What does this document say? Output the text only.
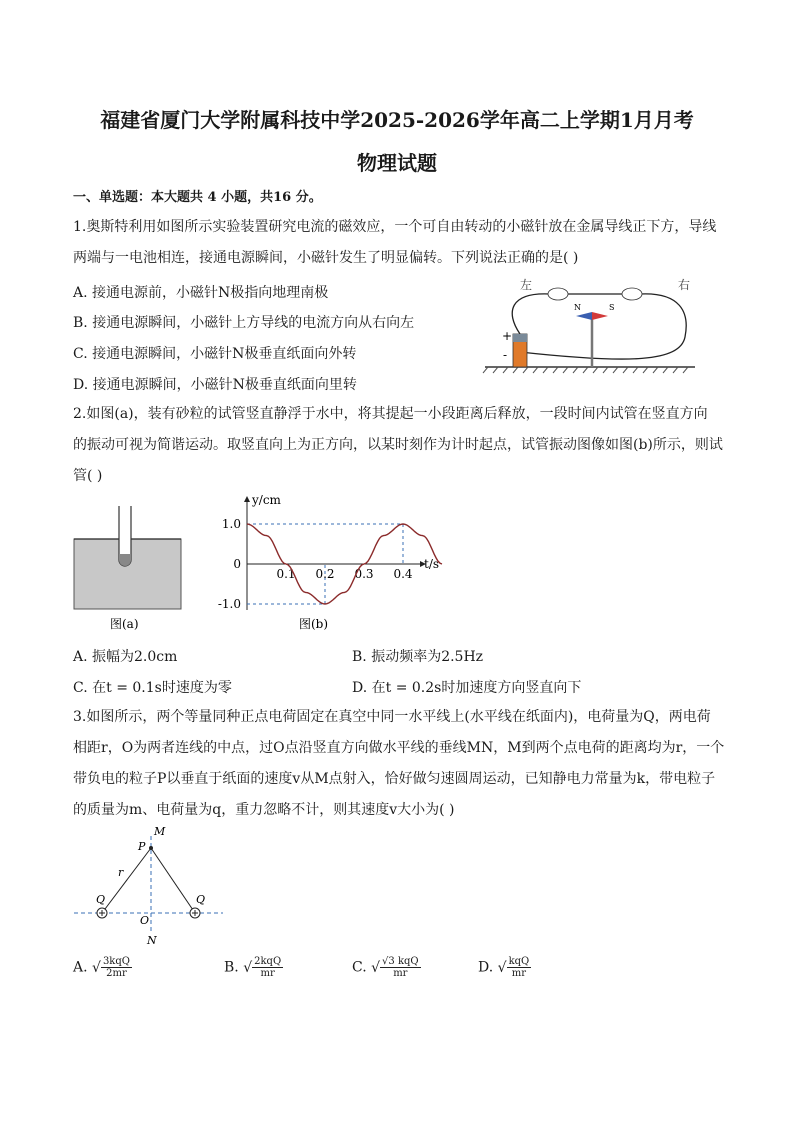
福建省厦门大学附属科技中学2025-2026学年高二上学期1月月考
物理试题
一、单选题：本大题共 4 小题，共16 分。
1.奥斯特利用如图所示实验装置研究电流的磁效应，一个可自由转动的小磁针放在金属导线正下方，导线
两端与一电池相连，接通电源瞬间，小磁针发生了明显偏转。下列说法正确的是( )
A. 接通电源前，小磁针N极指向地理南极
B. 接通电源瞬间，小磁针上方导线的电流方向从右向左
C. 接通电源瞬间，小磁针N极垂直纸面向外转
D. 接通电源瞬间，小磁针N极垂直纸面向里转
+
-
N	S
左	右
2.如图(a)，装有砂粒的试管竖直静浮于水中，将其提起一小段距离后释放，一段时间内试管在竖直方向
的振动可视为简谐运动。取竖直向上为正方向，以某时刻作为计时起点，试管振动图像如图(b)所示，则试
管( )
图(a)
y/cm
t/s
1.0
0
-1.0
0.1 0.2 0.3 0.4
图(b)
A. 振幅为2.0cm	B. 振动频率为2.5Hz
C. 在t = 0.1s时速度为零	D. 在t = 0.2s时加速度方向竖直向下
3.如图所示，两个等量同种正点电荷固定在真空中同一水平线上(水平线在纸面内)，电荷量为Q，两电荷
相距r，O为两者连线的中点，过O点沿竖直方向做水平线的垂线MN，M到两个点电荷的距离均为r，一个
带负电的粒子P以垂直于纸面的速度v从M点射入，恰好做匀速圆周运动，已知静电力常量为k，带电粒子
的质量为m、电荷量为q，重力忽略不计，则其速度v大小为( )
M
P
r
Q	Q
O
N
A. √ $\frac{\text{3kqQ}}{2mr}$	B. √ $\frac{\text{2kqQ}}{mr}$	C. √ $\frac{\text{√3 kqQ}}{mr}$	D. √ $\frac{\text{kqQ}}{mr}$
